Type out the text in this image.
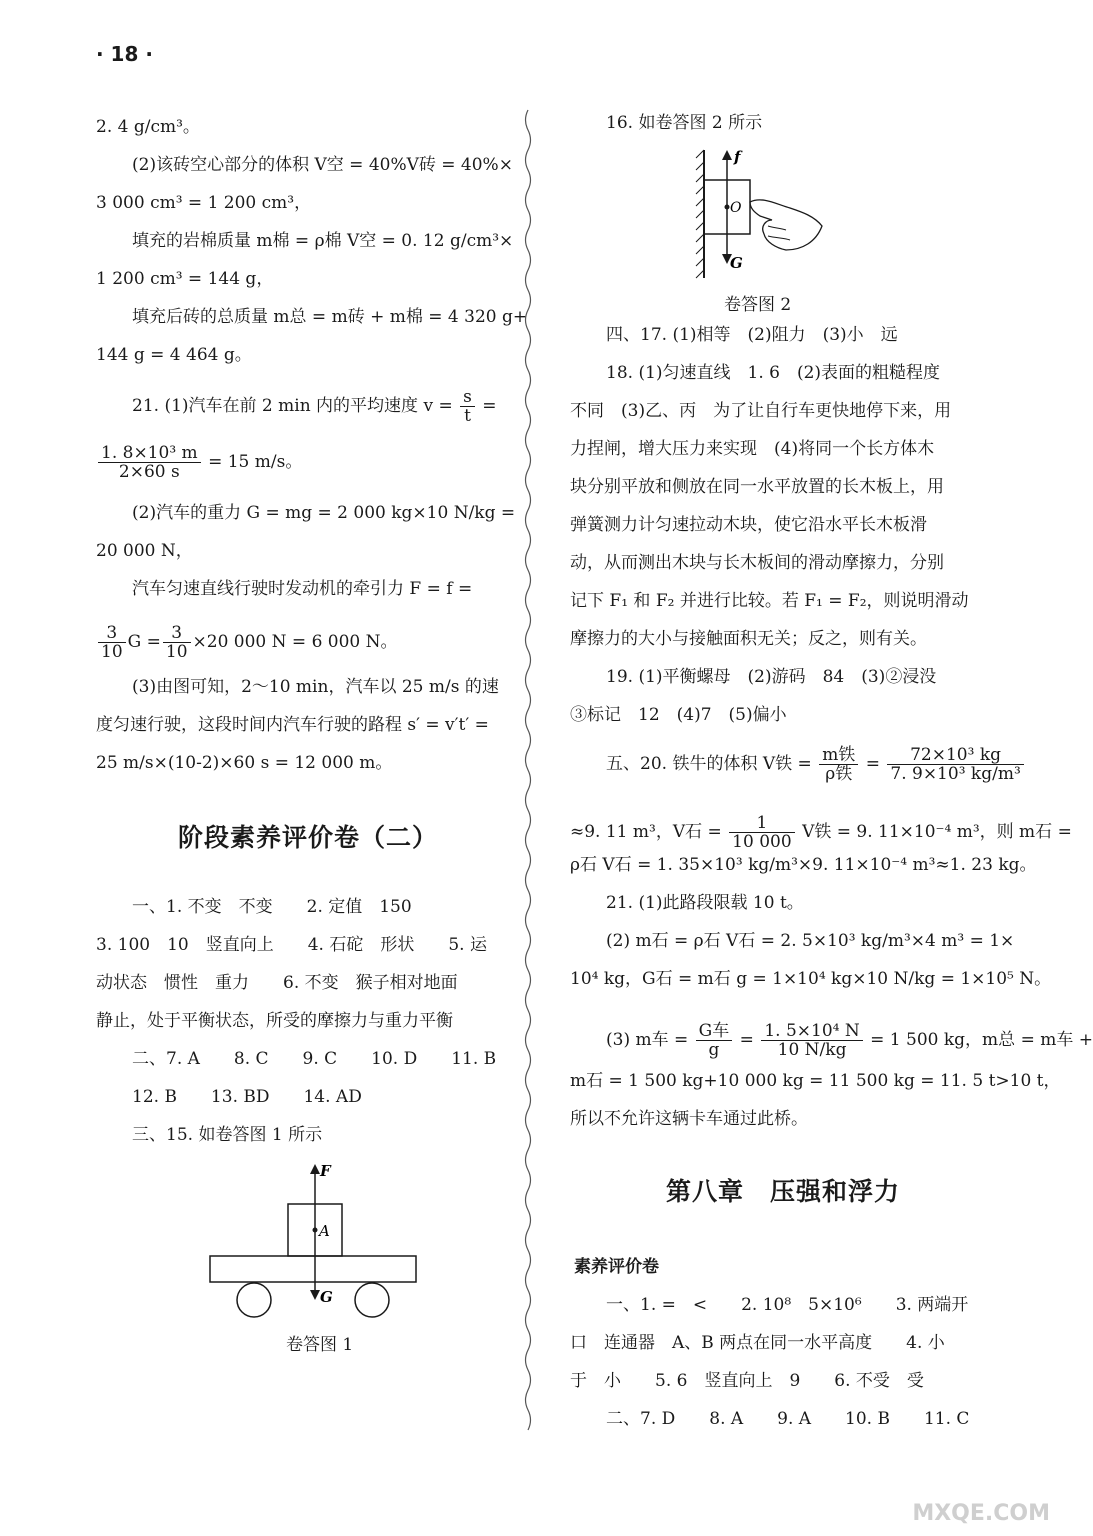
· 18 ·
2. 4 g/cm³。
(2)该砖空心部分的体积 V空 = 40%V砖 = 40%×
3 000 cm³ = 1 200 cm³，
填充的岩棉质量 m棉 = ρ棉 V空 = 0. 12 g/cm³×
1 200 cm³ = 144 g，
填充后砖的总质量 m总 = m砖 + m棉 = 4 320 g+
144 g = 4 464 g。
21. (1)汽车在前 2 min 内的平均速度 $v = \frac{s}{t}$ =
$\frac{\text{1. 8×10³ m}}{2\times 60 s} = 15$ m/s。
(2)汽车的重力 G = mg = 2 000 kg×10 N/kg =
20 000 N，
汽车匀速直线行驶时发动机的牵引力 F = f =
$\frac{3}{10}$ $G = \frac{3}{10} \times 20$ 000 N = 6 000 N。
(3)由图可知，2～10 min，汽车以 25 m/s 的速
度匀速行驶，这段时间内汽车行驶的路程 s′ = v′t′ =
25 m/s×(10-2)×60 s = 12 000 m。
阶段素养评价卷（二）
一、1. 不变　不变　　2. 定值　150
3. 100　10　竖直向上　　4. 石砣　形状　　5. 运
动状态　惯性　重力　　6. 不变　猴子相对地面
静止，处于平衡状态，所受的摩擦力与重力平衡
二、7. A　　8. C　　9. C　　10. D　　11. B
12. B　　13. BD　　14. AD
三、15. 如卷答图 1 所示
F
A
G
卷答图 1
16. 如卷答图 2 所示
f
O
G
卷答图 2
四、17. (1)相等　(2)阻力　(3)小　远
18. (1)匀速直线　1. 6　(2)表面的粗糙程度
不同　(3)乙、丙　为了让自行车更快地停下来，用
力捏闸，增大压力来实现　(4)将同一个长方体木
块分别平放和侧放在同一水平放置的长木板上，用
弹簧测力计匀速拉动木块，使它沿水平长木板滑
动，从而测出木块与长木板间的滑动摩擦力，分别
记下 F₁ 和 F₂ 并进行比较。若 F₁ = F₂，则说明滑动
摩擦力的大小与接触面积无关；反之，则有关。
19. (1)平衡螺母　(2)游码　84　(3)②浸没
③标记　12　(4)7　(5)偏小
五、20. 铁牛的体积 V铁 = $\frac{\text{m铁}}{\text{ρ铁}} = \frac{\text{72×10³ kg}}{\text{7. 9×10³ kg/m³}}$
≈9. 11 m³，V石 = $\frac{1}{10 000}$ V铁 = 9. 11×10⁻⁴ m³，则 m石 =
ρ石 V石 = 1. 35×10³ kg/m³×9. 11×10⁻⁴ m³≈1. 23 kg。
21. (1)此路段限载 10 t。
(2) m石 = ρ石 V石 = 2. 5×10³ kg/m³×4 m³ = 1×
10⁴ kg，G石 = m石 g = 1×10⁴ kg×10 N/kg = 1×10⁵ N。
(3) m车 = $\frac{\text{G车}}{g} = \frac{\text{1. 5×10⁴ N}}{10 N/kg} = 1$ 500 kg，m总 = m车 +
m石 = 1 500 kg+10 000 kg = 11 500 kg = 11. 5 t>10 t，
所以不允许这辆卡车通过此桥。
第八章　压强和浮力
素养评价卷
一、1. =　<　　2. 10⁸　5×10⁶　　3. 两端开
口　连通器　A、B 两点在同一水平高度　　4. 小
于　小　　5. 6　竖直向上　9　　6. 不受　受
二、7. D　　8. A　　9. A　　10. B　　11. C
MXQE.COM
